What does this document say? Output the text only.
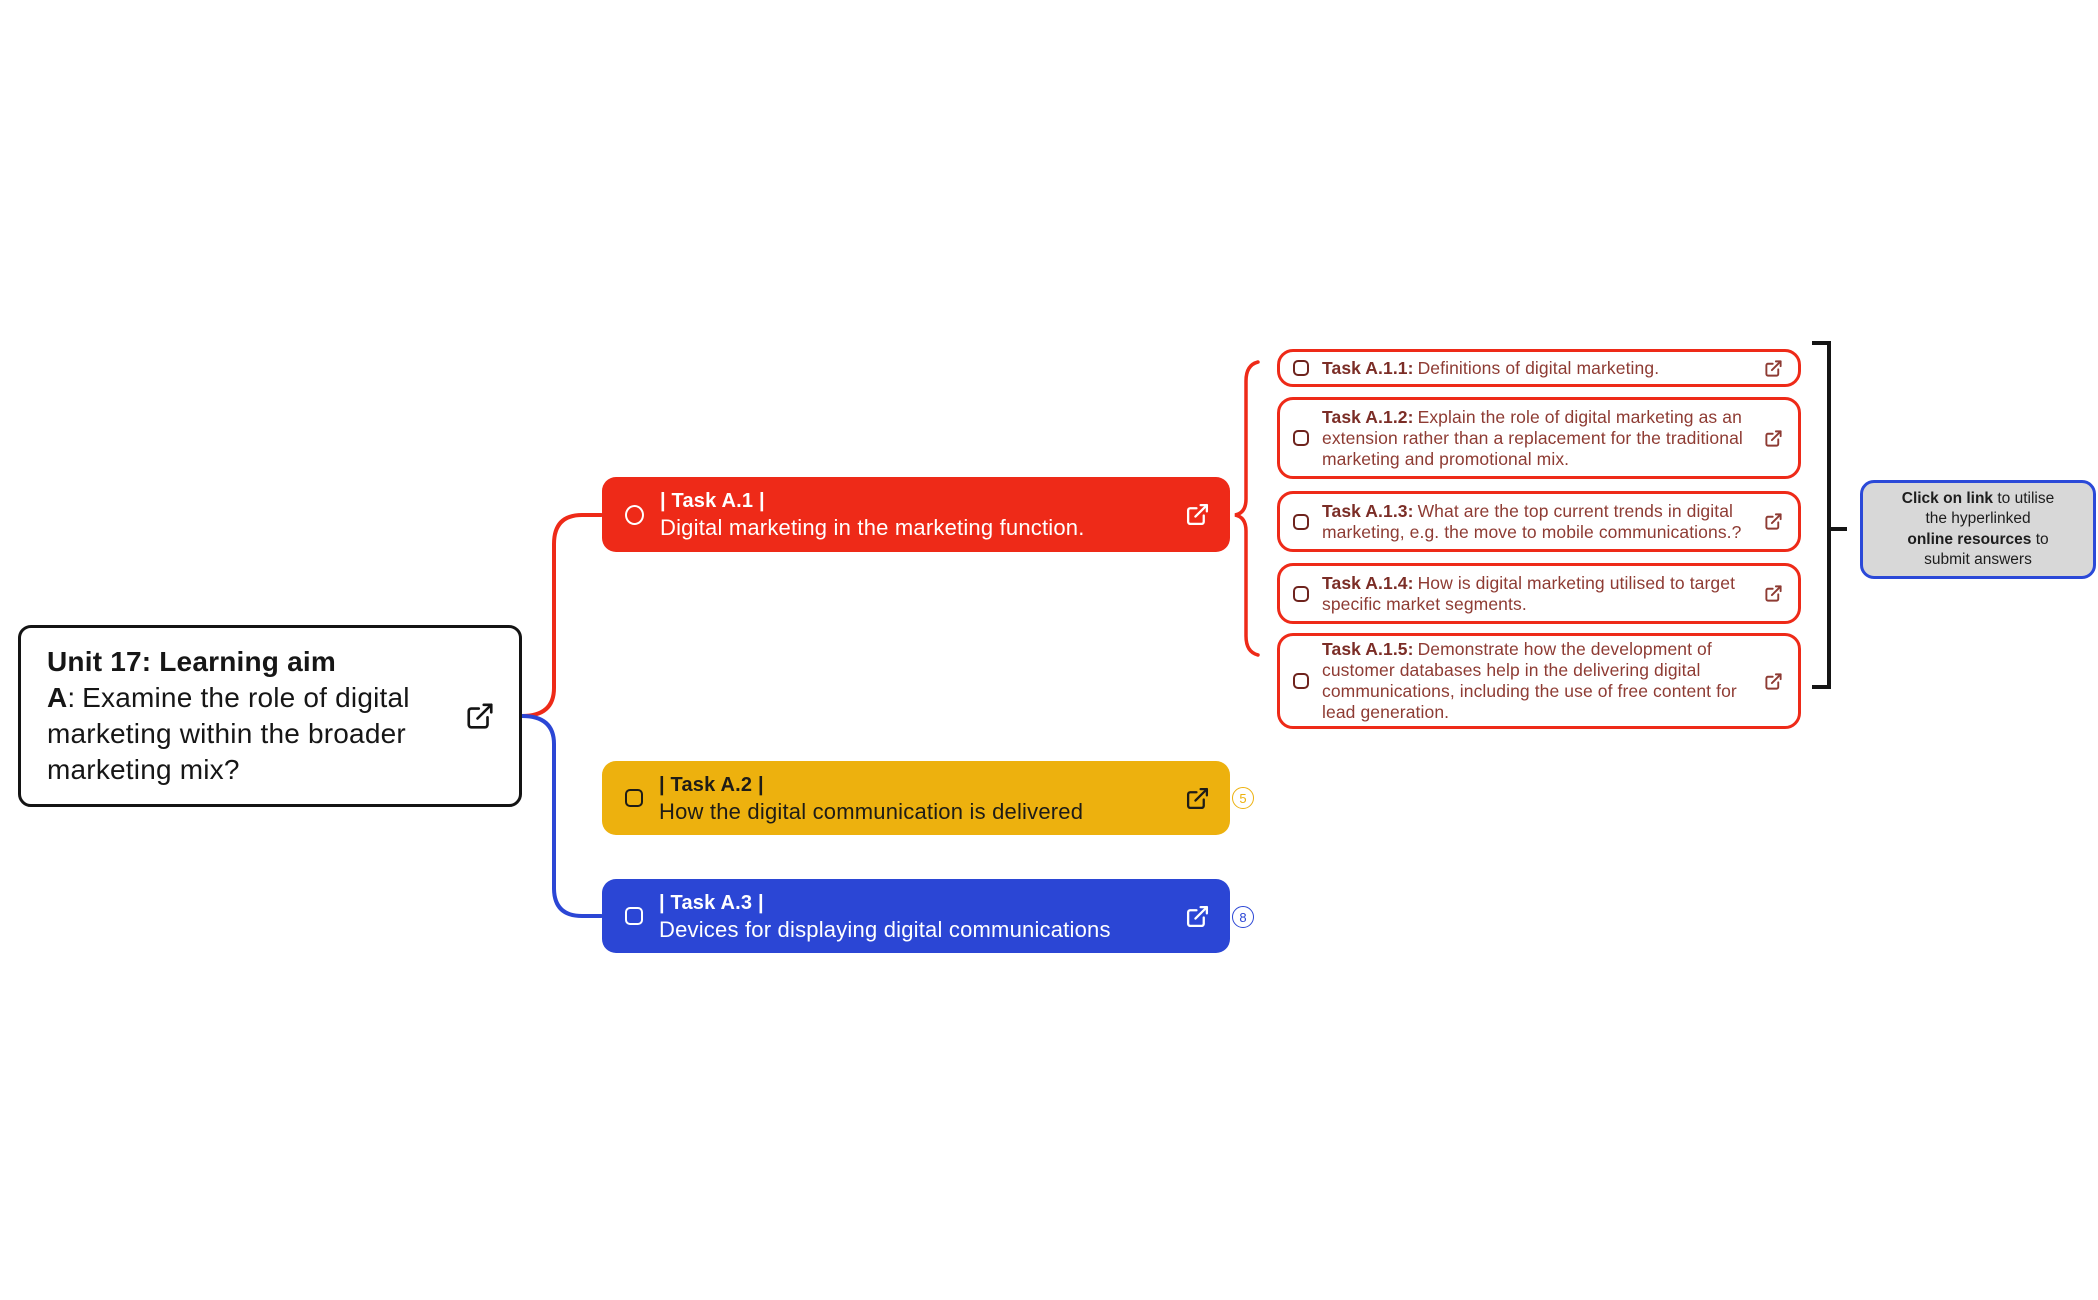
Unit 17: Learning aim A: Examine the role of digital marketing within the broader marketing mix?
| Task A.1 |
Digital marketing in the marketing function.
| Task A.2 |
How the digital communication is delivered
5
| Task A.3 |
Devices for displaying digital communications	8
Task A.1.1: Definitions of digital marketing.
Task A.1.2: Explain the role of digital marketing as an extension rather than a replacement for the traditional marketing and promotional mix.
Task A.1.3: What are the top current trends in digital marketing, e.g. the move to mobile communications.?
Task A.1.4: How is digital marketing utilised to target specific market segments.
Task A.1.5: Demonstrate how the development of customer databases help in the delivering digital communications, including the use of free content for lead generation.
Click on link to utilise
the hyperlinked
online resources to
submit answers
